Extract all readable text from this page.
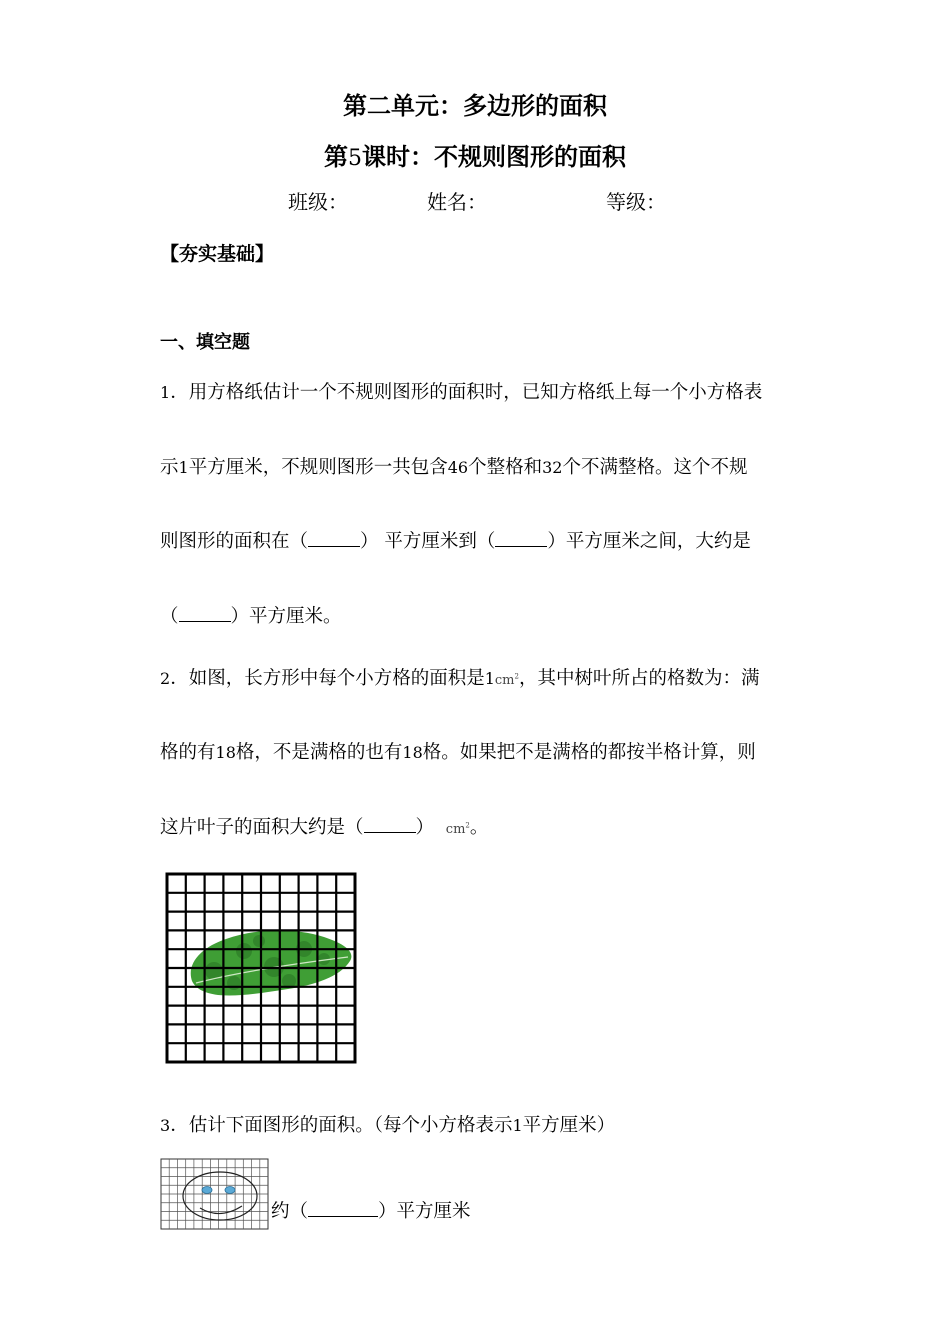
第二单元：多边形的面积
第5课时：不规则图形的面积
班级：	姓名：	等级：
【夯实基础】
一、填空题
1．用方格纸估计一个不规则图形的面积时，已知方格纸上每一个小方格表
示1平方厘米，不规则图形一共包含46个整格和32个不满整格。这个不规
则图形的面积在（	） 平方厘米到（	）平方厘米之间，大约是
（	）平方厘米。
2．如图，长方形中每个小方格的面积是$1cm^2$，其中树叶所占的格数为：满
格的有18格，不是满格的也有18格。如果把不是满格的都按半格计算，则
这片叶子的面积大约是（	） $cm^2$。
3．估计下面图形的面积。（每个小方格表示1平方厘米）
约（	）平方厘米
